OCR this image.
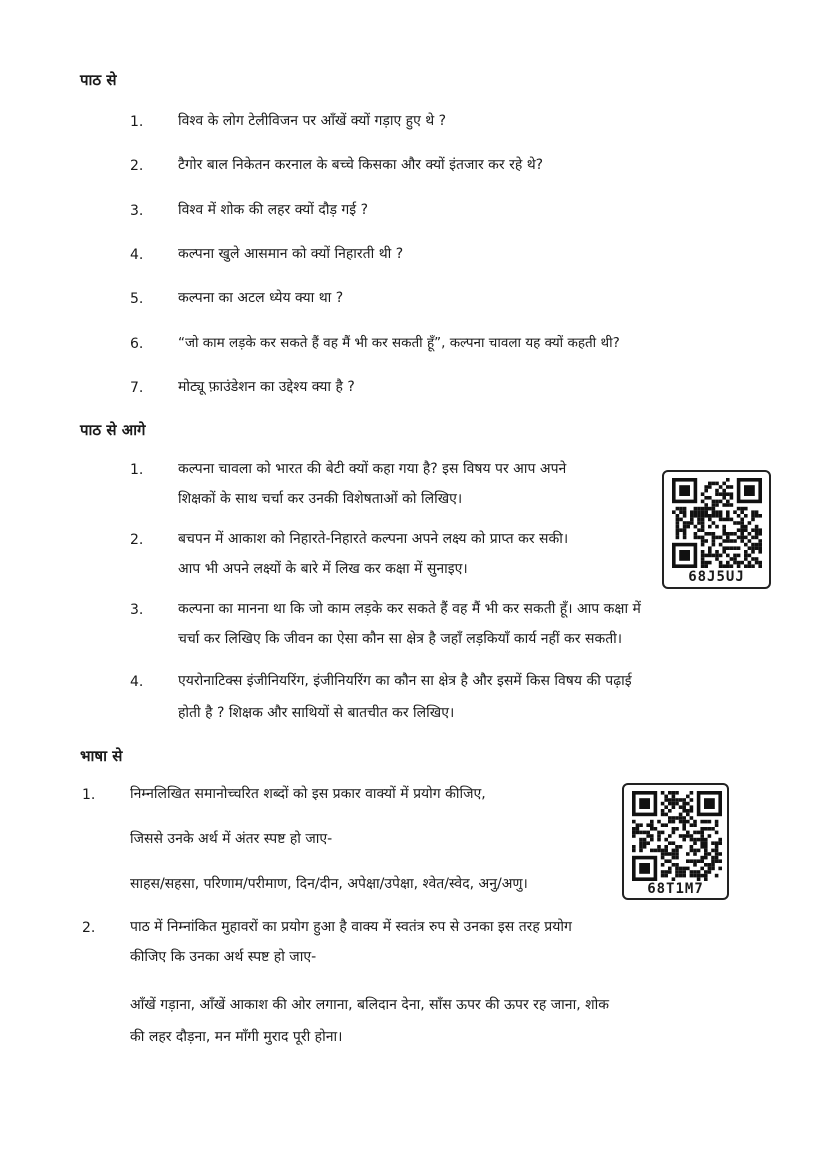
पाठ से
1.	विश्व के लोग टेलीविजन पर आँखें क्यों गड़ाए हुए थे ?
2.	टैगोर बाल निकेतन करनाल के बच्चे किसका और क्यों इंतजार कर रहे थे?
3.	विश्व में शोक की लहर क्यों दौड़ गई ?
4.	कल्पना खुले आसमान को क्यों निहारती थी ?
5.	कल्पना का अटल ध्येय क्या था ?
6.	“जो काम लड़के कर सकते हैं वह मैं भी कर सकती हूँ”, कल्पना चावला यह क्यों कहती थी?
7.	मोट्यू फ़ाउंडेशन का उद्देश्य क्या है ?
पाठ से आगे
1.	कल्पना चावला को भारत की बेटी क्यों कहा गया है? इस विषय पर आप अपने
शिक्षकों के साथ चर्चा कर उनकी विशेषताओं को लिखिए।
2.	बचपन में आकाश को निहारते-निहारते कल्पना अपने लक्ष्य को प्राप्त कर सकी।
आप भी अपने लक्ष्यों के बारे में लिख कर कक्षा में सुनाइए।
3.	कल्पना का मानना था कि जो काम लड़के कर सकते हैं वह मैं भी कर सकती हूँ। आप कक्षा में
चर्चा कर लिखिए कि जीवन का ऐसा कौन सा क्षेत्र है जहाँ लड़कियाँ कार्य नहीं कर सकती।
4.	एयरोनाटिक्स इंजीनियरिंग, इंजीनियरिंग का कौन सा क्षेत्र है और इसमें किस विषय की पढ़ाई
होती है ? शिक्षक और साथियों से बातचीत कर लिखिए।
68J5UJ
भाषा से
1.	निम्नलिखित समानोच्चरित शब्दों को इस प्रकार वाक्यों में प्रयोग कीजिए,
जिससे उनके अर्थ में अंतर स्पष्ट हो जाए-
साहस/सहसा, परिणाम/परीमाण, दिन/दीन, अपेक्षा/उपेक्षा, श्वेत/स्वेद, अनु/अणु।	68T1M7
2.	पाठ में निम्नांकित मुहावरों का प्रयोग हुआ है वाक्य में स्वतंत्र रुप से उनका इस तरह प्रयोग
कीजिए कि उनका अर्थ स्पष्ट हो जाए-
आँखें गड़ाना, आँखें आकाश की ओर लगाना, बलिदान देना, साँस ऊपर की ऊपर रह जाना, शोक
की लहर दौड़ना, मन माँगी मुराद पूरी होना।
